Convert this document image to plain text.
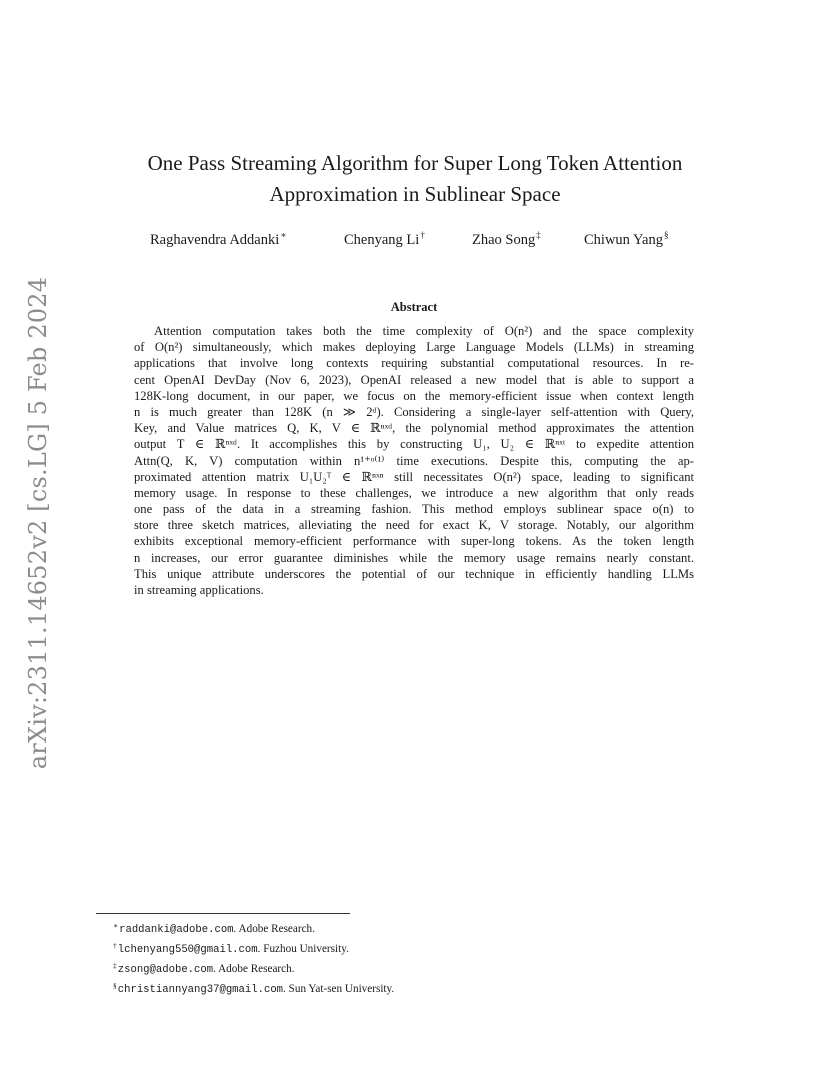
arXiv:2311.14652v2 [cs.LG] 5 Feb 2024
One Pass Streaming Algorithm for Super Long Token Attention
Approximation in Sublinear Space
Raghavendra Addanki∗	Chenyang Li†	Zhao Song‡	Chiwun Yang§
Abstract
Attention computation takes both the time complexity of O(n²) and the space complexity
of O(n²) simultaneously, which makes deploying Large Language Models (LLMs) in streaming
applications that involve long contexts requiring substantial computational resources. In re-
cent OpenAI DevDay (Nov 6, 2023), OpenAI released a new model that is able to support a
128K-long document, in our paper, we focus on the memory-efficient issue when context length
n is much greater than 128K (n ≫ 2ᵈ). Considering a single-layer self-attention with Query,
Key, and Value matrices Q, K, V ∈ ℝⁿˣᵈ, the polynomial method approximates the attention
output T ∈ ℝⁿˣᵈ. It accomplishes this by constructing U₁, U₂ ∈ ℝⁿˣᵗ to expedite attention
Attn(Q, K, V) computation within n¹⁺ᵒ⁽¹⁾ time executions. Despite this, computing the ap-
proximated attention matrix U₁U₂ᵀ ∈ ℝⁿˣⁿ still necessitates O(n²) space, leading to significant
memory usage. In response to these challenges, we introduce a new algorithm that only reads
one pass of the data in a streaming fashion. This method employs sublinear space o(n) to
store three sketch matrices, alleviating the need for exact K, V storage. Notably, our algorithm
exhibits exceptional memory-efficient performance with super-long tokens. As the token length
n increases, our error guarantee diminishes while the memory usage remains nearly constant.
This unique attribute underscores the potential of our technique in efficiently handling LLMs
in streaming applications.
∗raddanki@adobe.com. Adobe Research.
†lchenyang550@gmail.com. Fuzhou University.
‡zsong@adobe.com. Adobe Research.
§christiannyang37@gmail.com. Sun Yat-sen University.
